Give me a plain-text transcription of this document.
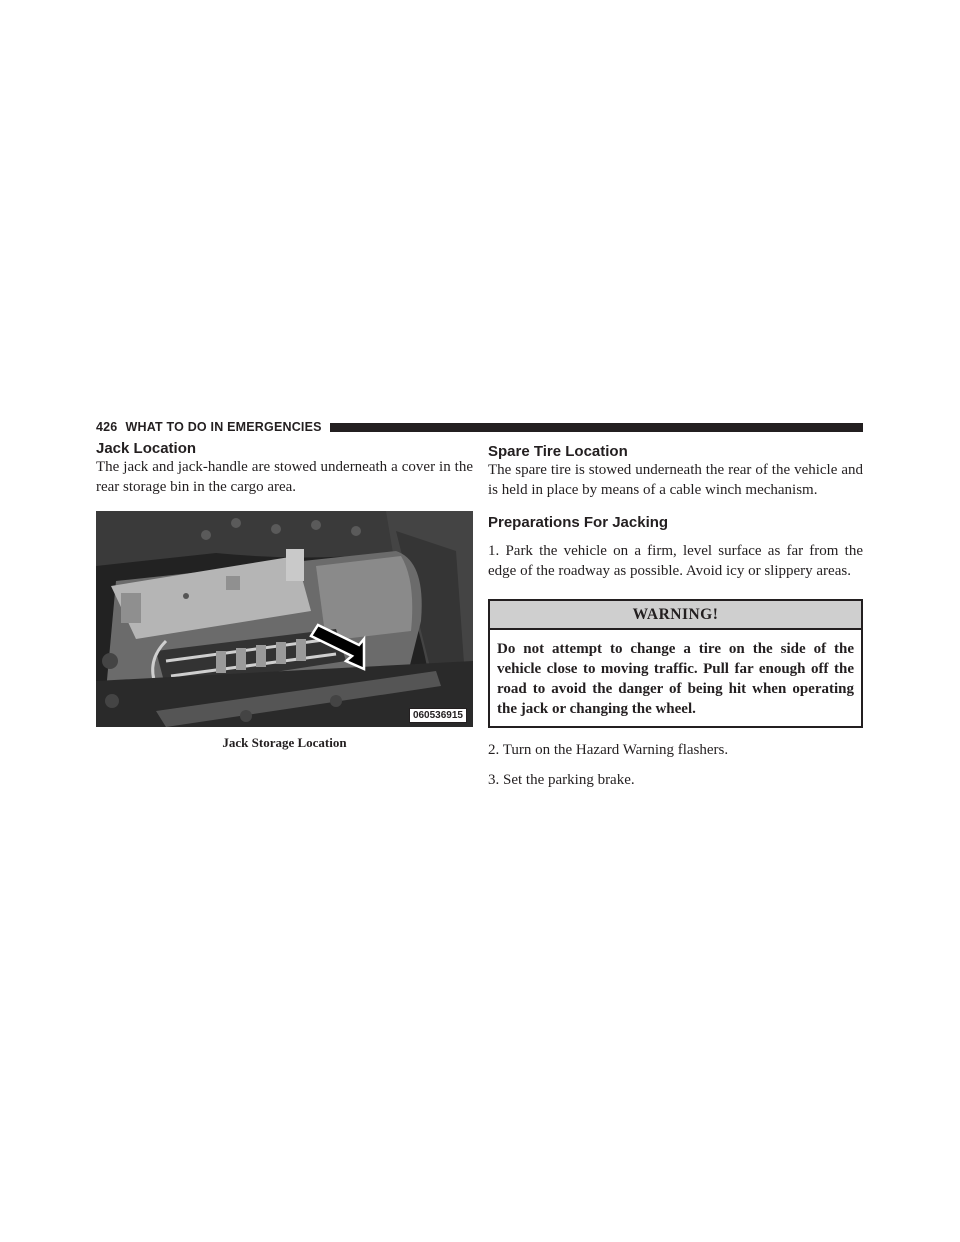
426 WHAT TO DO IN EMERGENCIES
Jack Location

The jack and jack-handle are stowed underneath a cover in the rear storage bin in the cargo area.

060536915
Jack Storage Location
Spare Tire Location

The spare tire is stowed underneath the rear of the vehicle and is held in place by means of a cable winch mechanism.

Preparations For Jacking

1. Park the vehicle on a firm, level surface as far from the edge of the roadway as possible. Avoid icy or slippery areas.

WARNING!
Do not attempt to change a tire on the side of the vehicle close to moving traffic. Pull far enough off the road to avoid the danger of being hit when operating the jack or changing the wheel.
2. Turn on the Hazard Warning flashers.
3. Set the parking brake.
